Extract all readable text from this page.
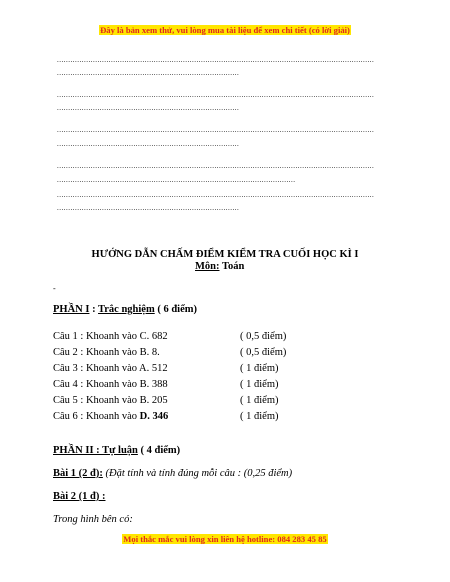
Đây là bản xem thử, vui lòng mua tài liệu để xem chi tiết (có lời giải)
.............................................................................................................................................
.................................................................................
.............................................................................................................................................
.................................................................................
.............................................................................................................................................
.................................................................................
.............................................................................................................................................
..........................................................................................................
.............................................................................................................................................
.................................................................................
HƯỚNG DẪN CHẤM ĐIỂM KIỂM TRA CUỐI HỌC KÌ I
Môn: Toán
-
PHẦN I : Trắc nghiệm ( 6 điểm)
Câu 1 : Khoanh vào C. 682	( 0,5 điểm)
Câu 2 : Khoanh vào B. 8.	( 0,5 điểm)
Câu 3 : Khoanh vào A. 512	( 1 điểm)
Câu 4 : Khoanh vào B. 388	( 1 điểm)
Câu 5 : Khoanh vào B. 205	( 1 điểm)
Câu 6 : Khoanh vào D. 346	( 1 điểm)
PHẦN II : Tự luận ( 4 điểm)
Bài 1 (2 đ): (Đặt tính và tính đúng mỗi câu : (0,25 điểm)
Bài 2 (1 đ) :
Trong hình bên có:
Mọi thắc mắc vui lòng xin liên hệ hotline: 084 283 45 85
